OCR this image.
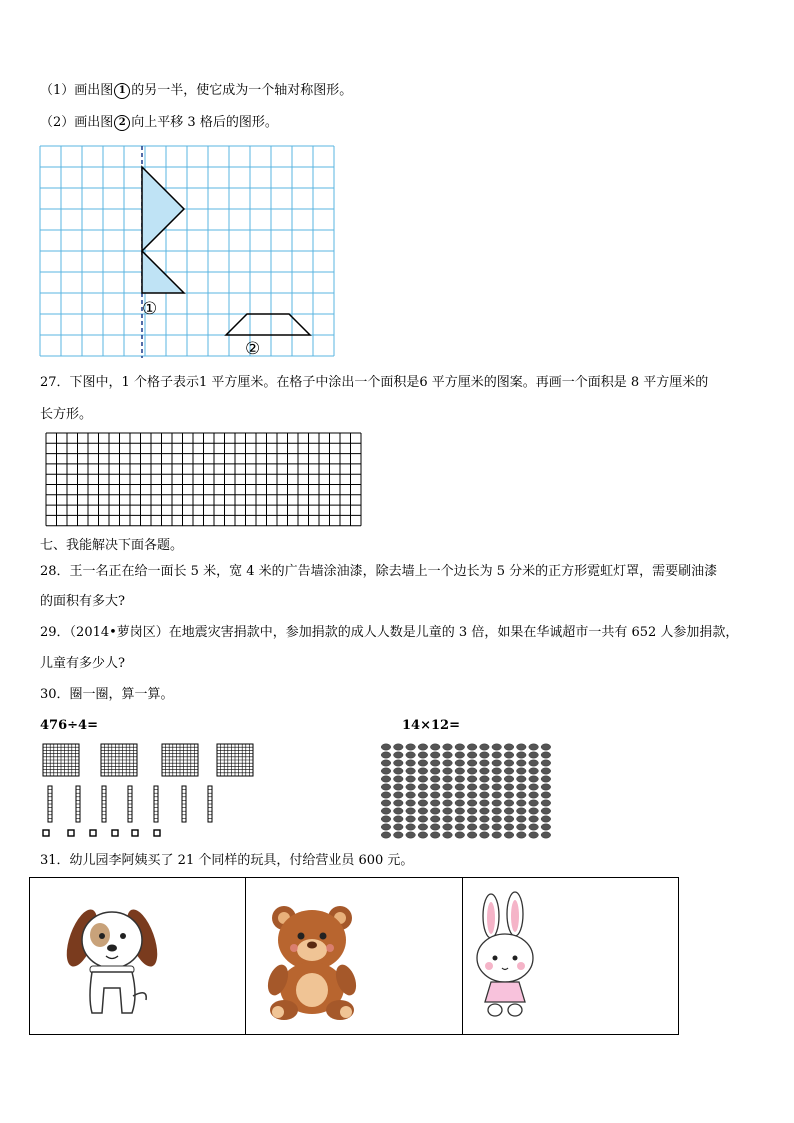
（1）画出图 1 的另一半，使它成为一个轴对称图形。
（2）画出图 2 向上平移 3 格后的图形。
①
②
27．下图中，1 个格子表示1 平方厘米。在格子中涂出一个面积是6 平方厘米的图案。再画一个面积是 8 平方厘米的
长方形。
七、我能解决下面各题。
28．王一名正在给一面长 5 米，宽 4 米的广告墙涂油漆，除去墙上一个边长为 5 分米的正方形霓虹灯罩，需要刷油漆
的面积有多大?
29．（2014•萝岗区）在地震灾害捐款中，参加捐款的成人人数是儿童的 3 倍，如果在华诚超市一共有 652 人参加捐款，
儿童有多少人?
30．圈一圈，算一算。
476÷4=	14×12=
31．幼儿园李阿姨买了 21 个同样的玩具，付给营业员 600 元。
